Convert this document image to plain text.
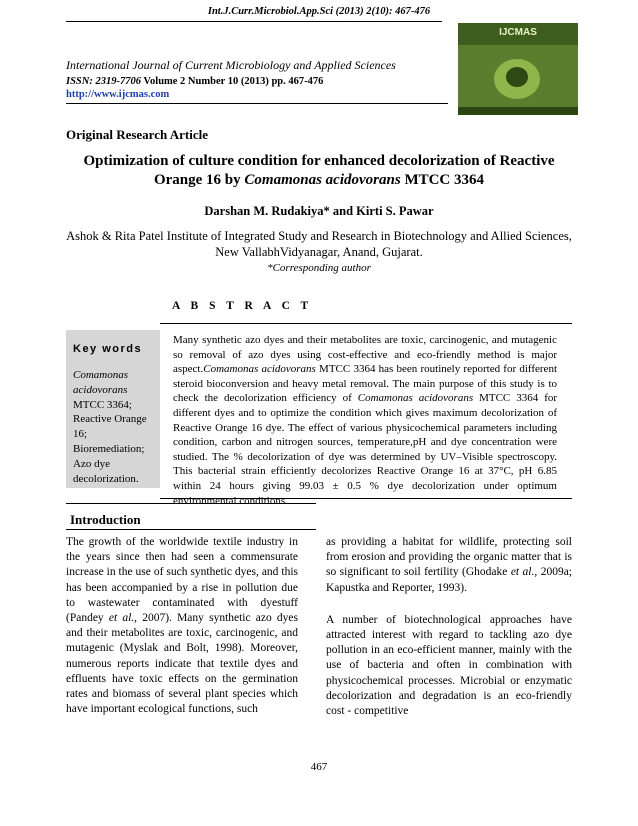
Int.J.Curr.Microbiol.App.Sci (2013) 2(10): 467-476
International Journal of Current Microbiology and Applied Sciences
ISSN: 2319-7706 Volume 2 Number 10 (2013) pp. 467-476
http://www.ijcmas.com
IJCMAS
Original Research Article
Optimization of culture condition for enhanced decolorization of Reactive Orange 16 by Comamonas acidovorans MTCC 3364
Darshan M. Rudakiya* and Kirti S. Pawar
Ashok & Rita Patel Institute of Integrated Study and Research in Biotechnology and Allied Sciences, New VallabhVidyanagar, Anand, Gujarat.
*Corresponding author
A B S T R A C T
Key words
Comamonas acidovorans
MTCC 3364; Reactive Orange 16; Bioremediation; Azo dye decolorization.
Many synthetic azo dyes and their metabolites are toxic, carcinogenic, and mutagenic so removal of azo dyes using cost-effective and eco-friendly method is major aspect.Comamonas acidovorans MTCC 3364 has been routinely reported for different steroid bioconversion and heavy metal removal. The main purpose of this study is to check the decolorization efficiency of Comamonas acidovorans MTCC 3364 for different dyes and to optimize the condition which gives maximum decolorization of Reactive Orange 16 dye. The effect of various physicochemical parameters including condition, carbon and nitrogen sources, temperature,pH and dye concentration were studied. The % decolorization of dye was determined by UV–Visible spectroscopy. This bacterial strain efficiently decolorizes Reactive Orange 16 at 37°C, pH 6.85 within 24 hours giving 99.03 ± 0.5 % dye decolorization under optimum environmental conditions.
Introduction

The growth of the worldwide textile industry in the years since then had seen a commensurate increase in the use of such synthetic dyes, and this has been accompanied by a rise in pollution due to wastewater contaminated with dyestuff (Pandey et al., 2007). Many synthetic azo dyes and their metabolites are toxic, carcinogenic, and mutagenic (Myslak and Bolt, 1998). Moreover, numerous reports indicate that textile dyes and effluents have toxic effects on the germination rates and biomass of several plant species which have important ecological functions, such

as providing a habitat for wildlife, protecting soil from erosion and providing the organic matter that is so significant to soil fertility (Ghodake et al., 2009a; Kapustka and Reporter, 1993).

A number of biotechnological approaches have attracted interest with regard to tackling azo dye pollution in an eco-efficient manner, mainly with the use of bacteria and often in combination with physicochemical processes. Microbial or enzymatic decolorization and degradation is an eco-friendly cost - competitive

467
